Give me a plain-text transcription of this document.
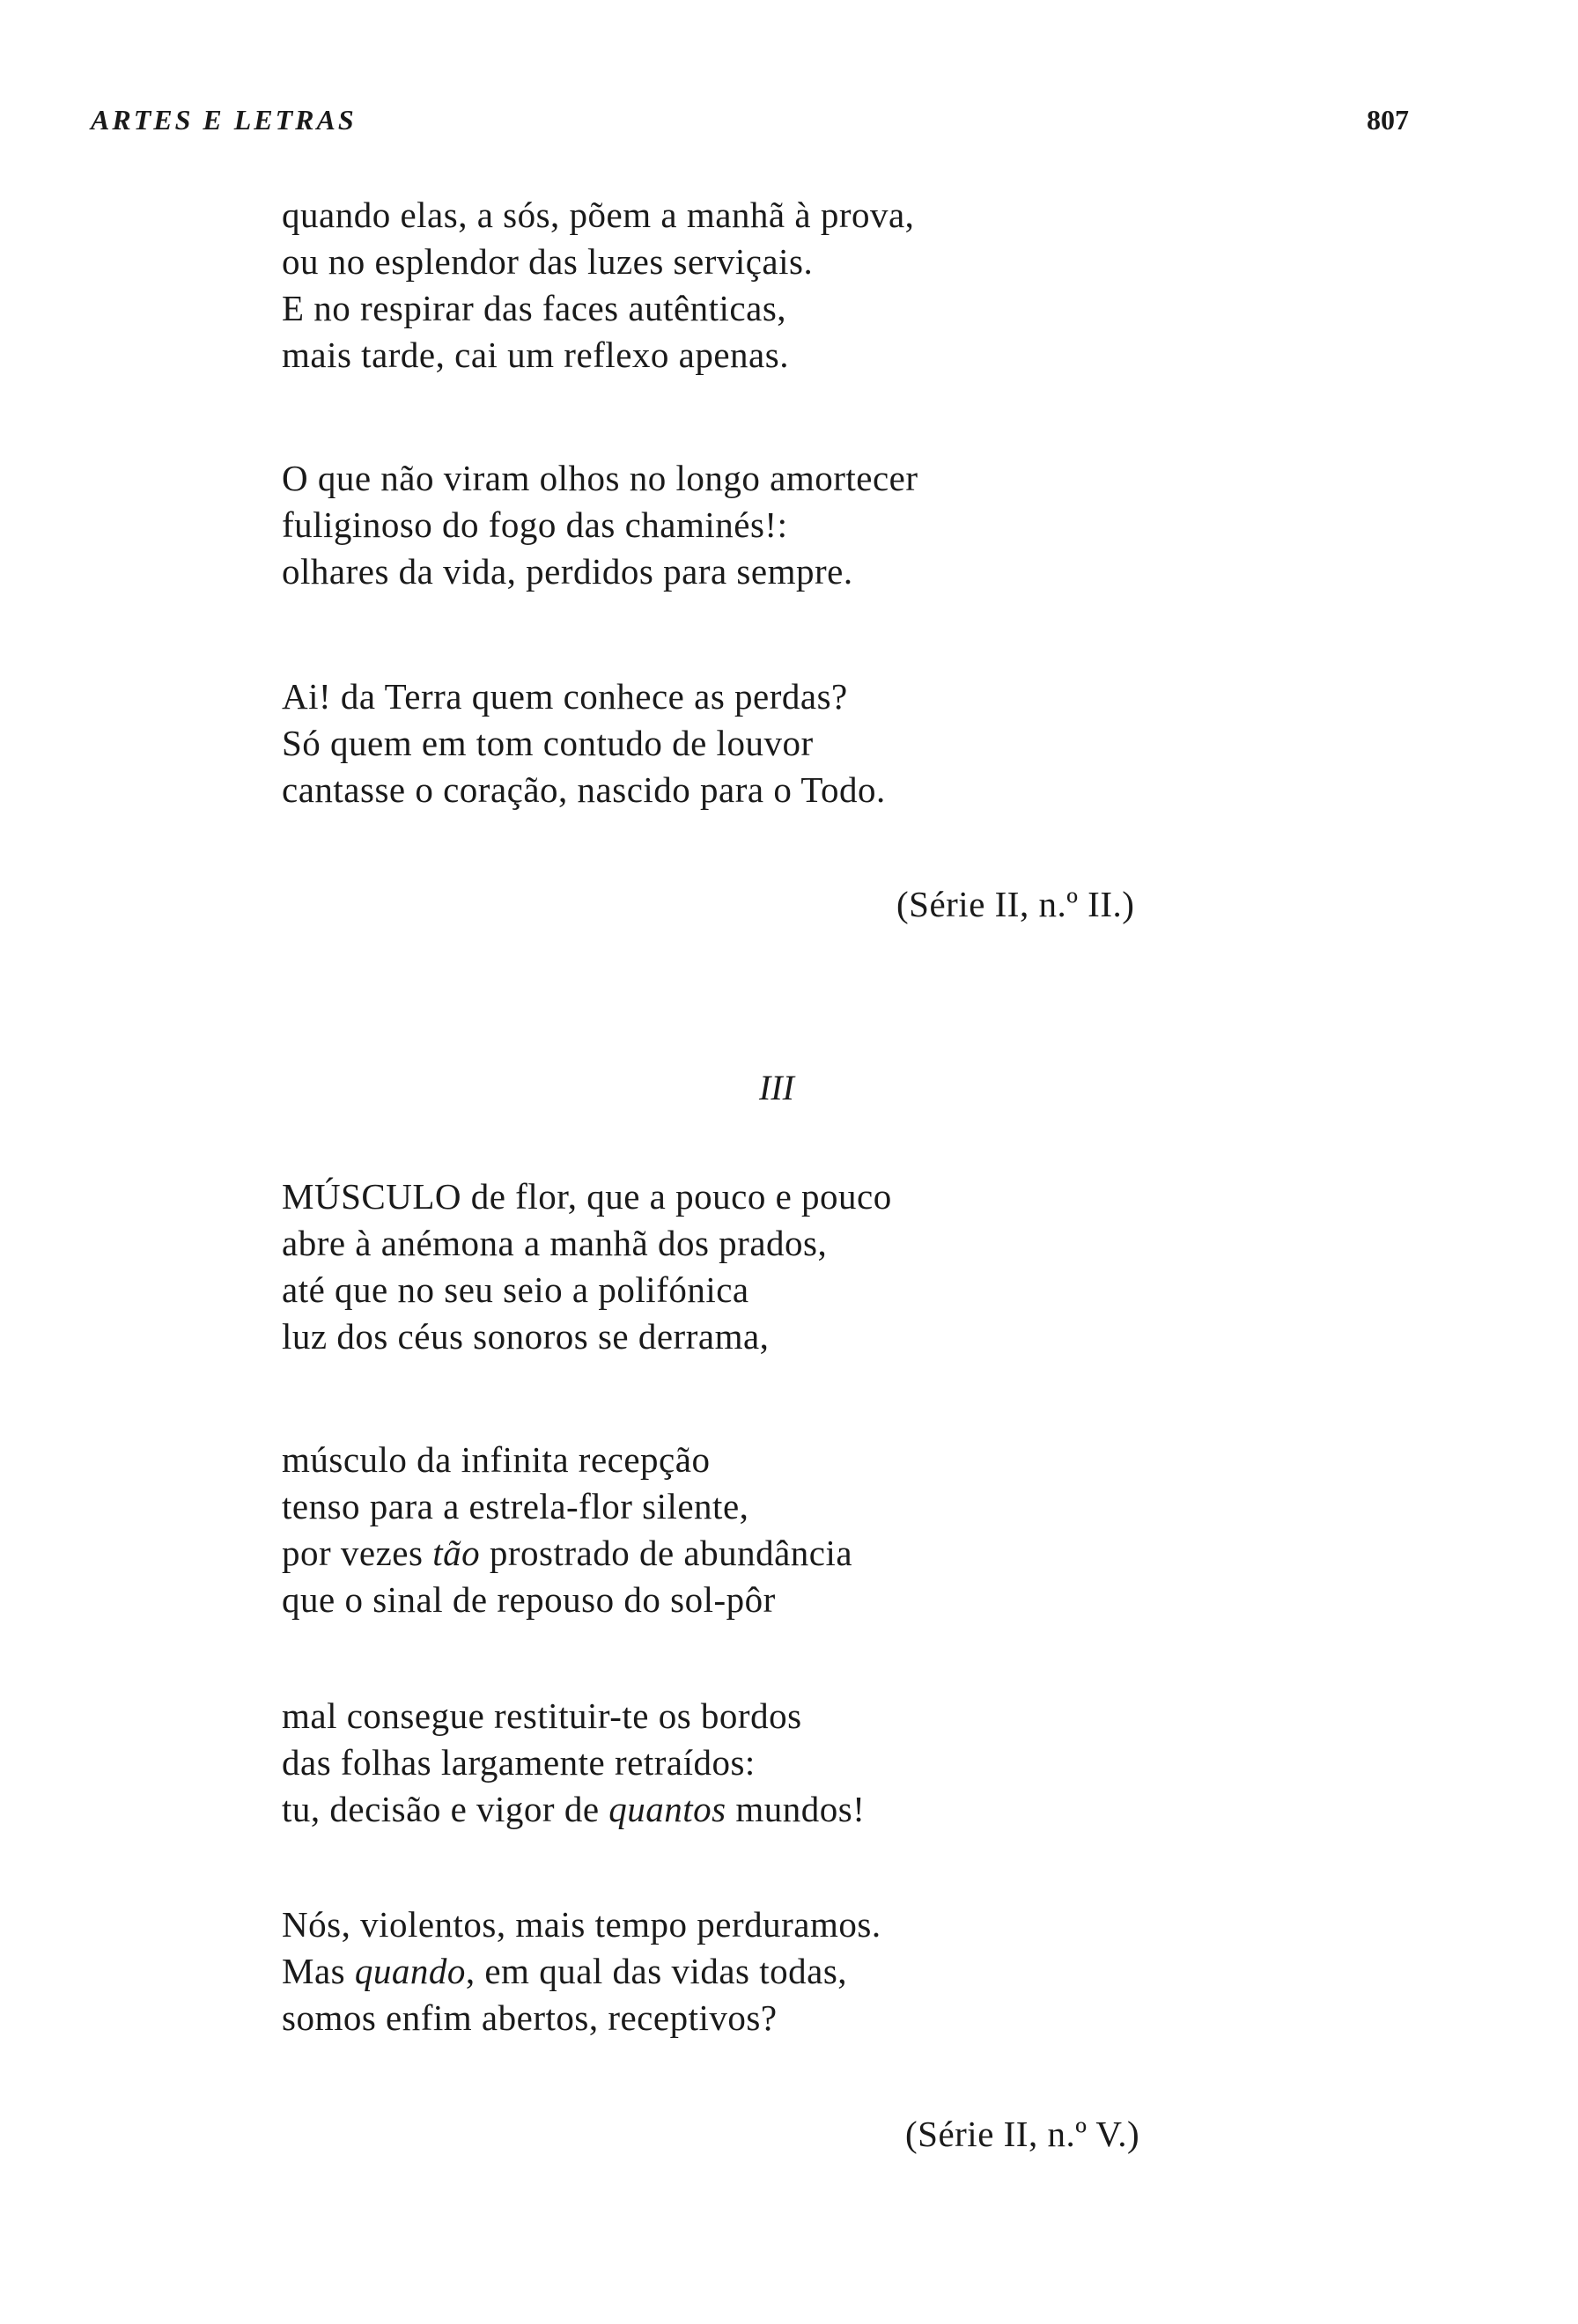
ARTES E LETRAS	807
quando elas, a sós, põem a manhã à prova,
ou no esplendor das luzes serviçais.
E no respirar das faces autênticas,
mais tarde, cai um reflexo apenas.
O que não viram olhos no longo amortecer
fuliginoso do fogo das chaminés!:
olhares da vida, perdidos para sempre.
Ai! da Terra quem conhece as perdas?
Só quem em tom contudo de louvor
cantasse o coração, nascido para o Todo.
(Série II, n.º II.)
III
MÚSCULO de flor, que a pouco e pouco
abre à anémona a manhã dos prados,
até que no seu seio a polifónica
luz dos céus sonoros se derrama,
músculo da infinita recepção
tenso para a estrela-flor silente,
por vezes tão prostrado de abundância
que o sinal de repouso do sol-pôr
mal consegue restituir-te os bordos
das folhas largamente retraídos:
tu, decisão e vigor de quantos mundos!
Nós, violentos, mais tempo perduramos.
Mas quando, em qual das vidas todas,
somos enfim abertos, receptivos?
(Série II, n.º V.)
